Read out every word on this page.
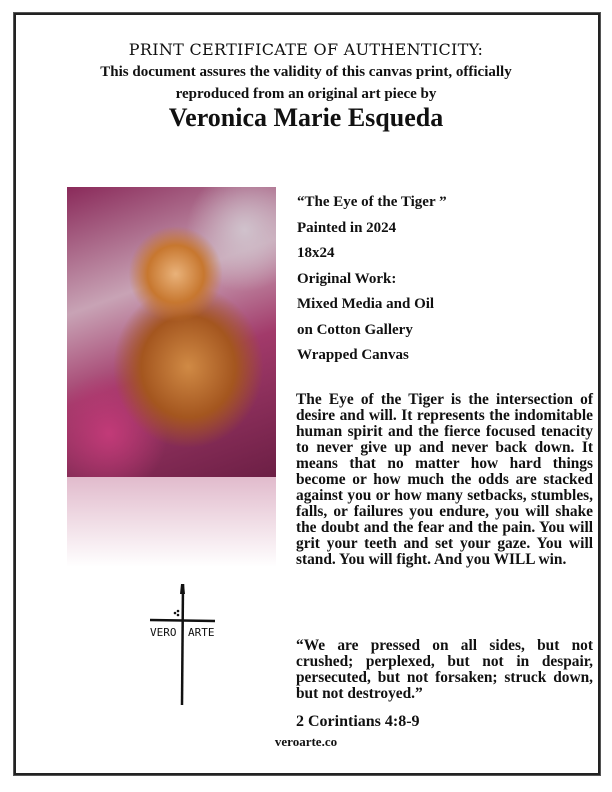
PRINT CERTIFICATE OF AUTHENTICITY:
This document assures the validity of this canvas print, officially
reproduced from an original art piece by
Veronica Marie Esqueda
VERO ARTE
“The Eye of the Tiger ”
Painted in 2024
18x24
Original Work:
Mixed Media and Oil
on Cotton Gallery
Wrapped Canvas
The Eye of the Tiger is the intersection of desire and will. It represents the indomitable human spirit and the fierce focused tenacity to never give up and never back down. It means that no matter how hard things become or how much the odds are stacked against you or how many setbacks, stumbles, falls, or failures you endure, you will shake the doubt and the fear and the pain. You will grit your teeth and set your gaze. You will stand. You will fight. And you WILL win.
“We are pressed on all sides, but not crushed; perplexed, but not in despair, persecuted, but not forsaken; struck down, but not destroyed.”
2 Corintians 4:8-9
veroarte.co
